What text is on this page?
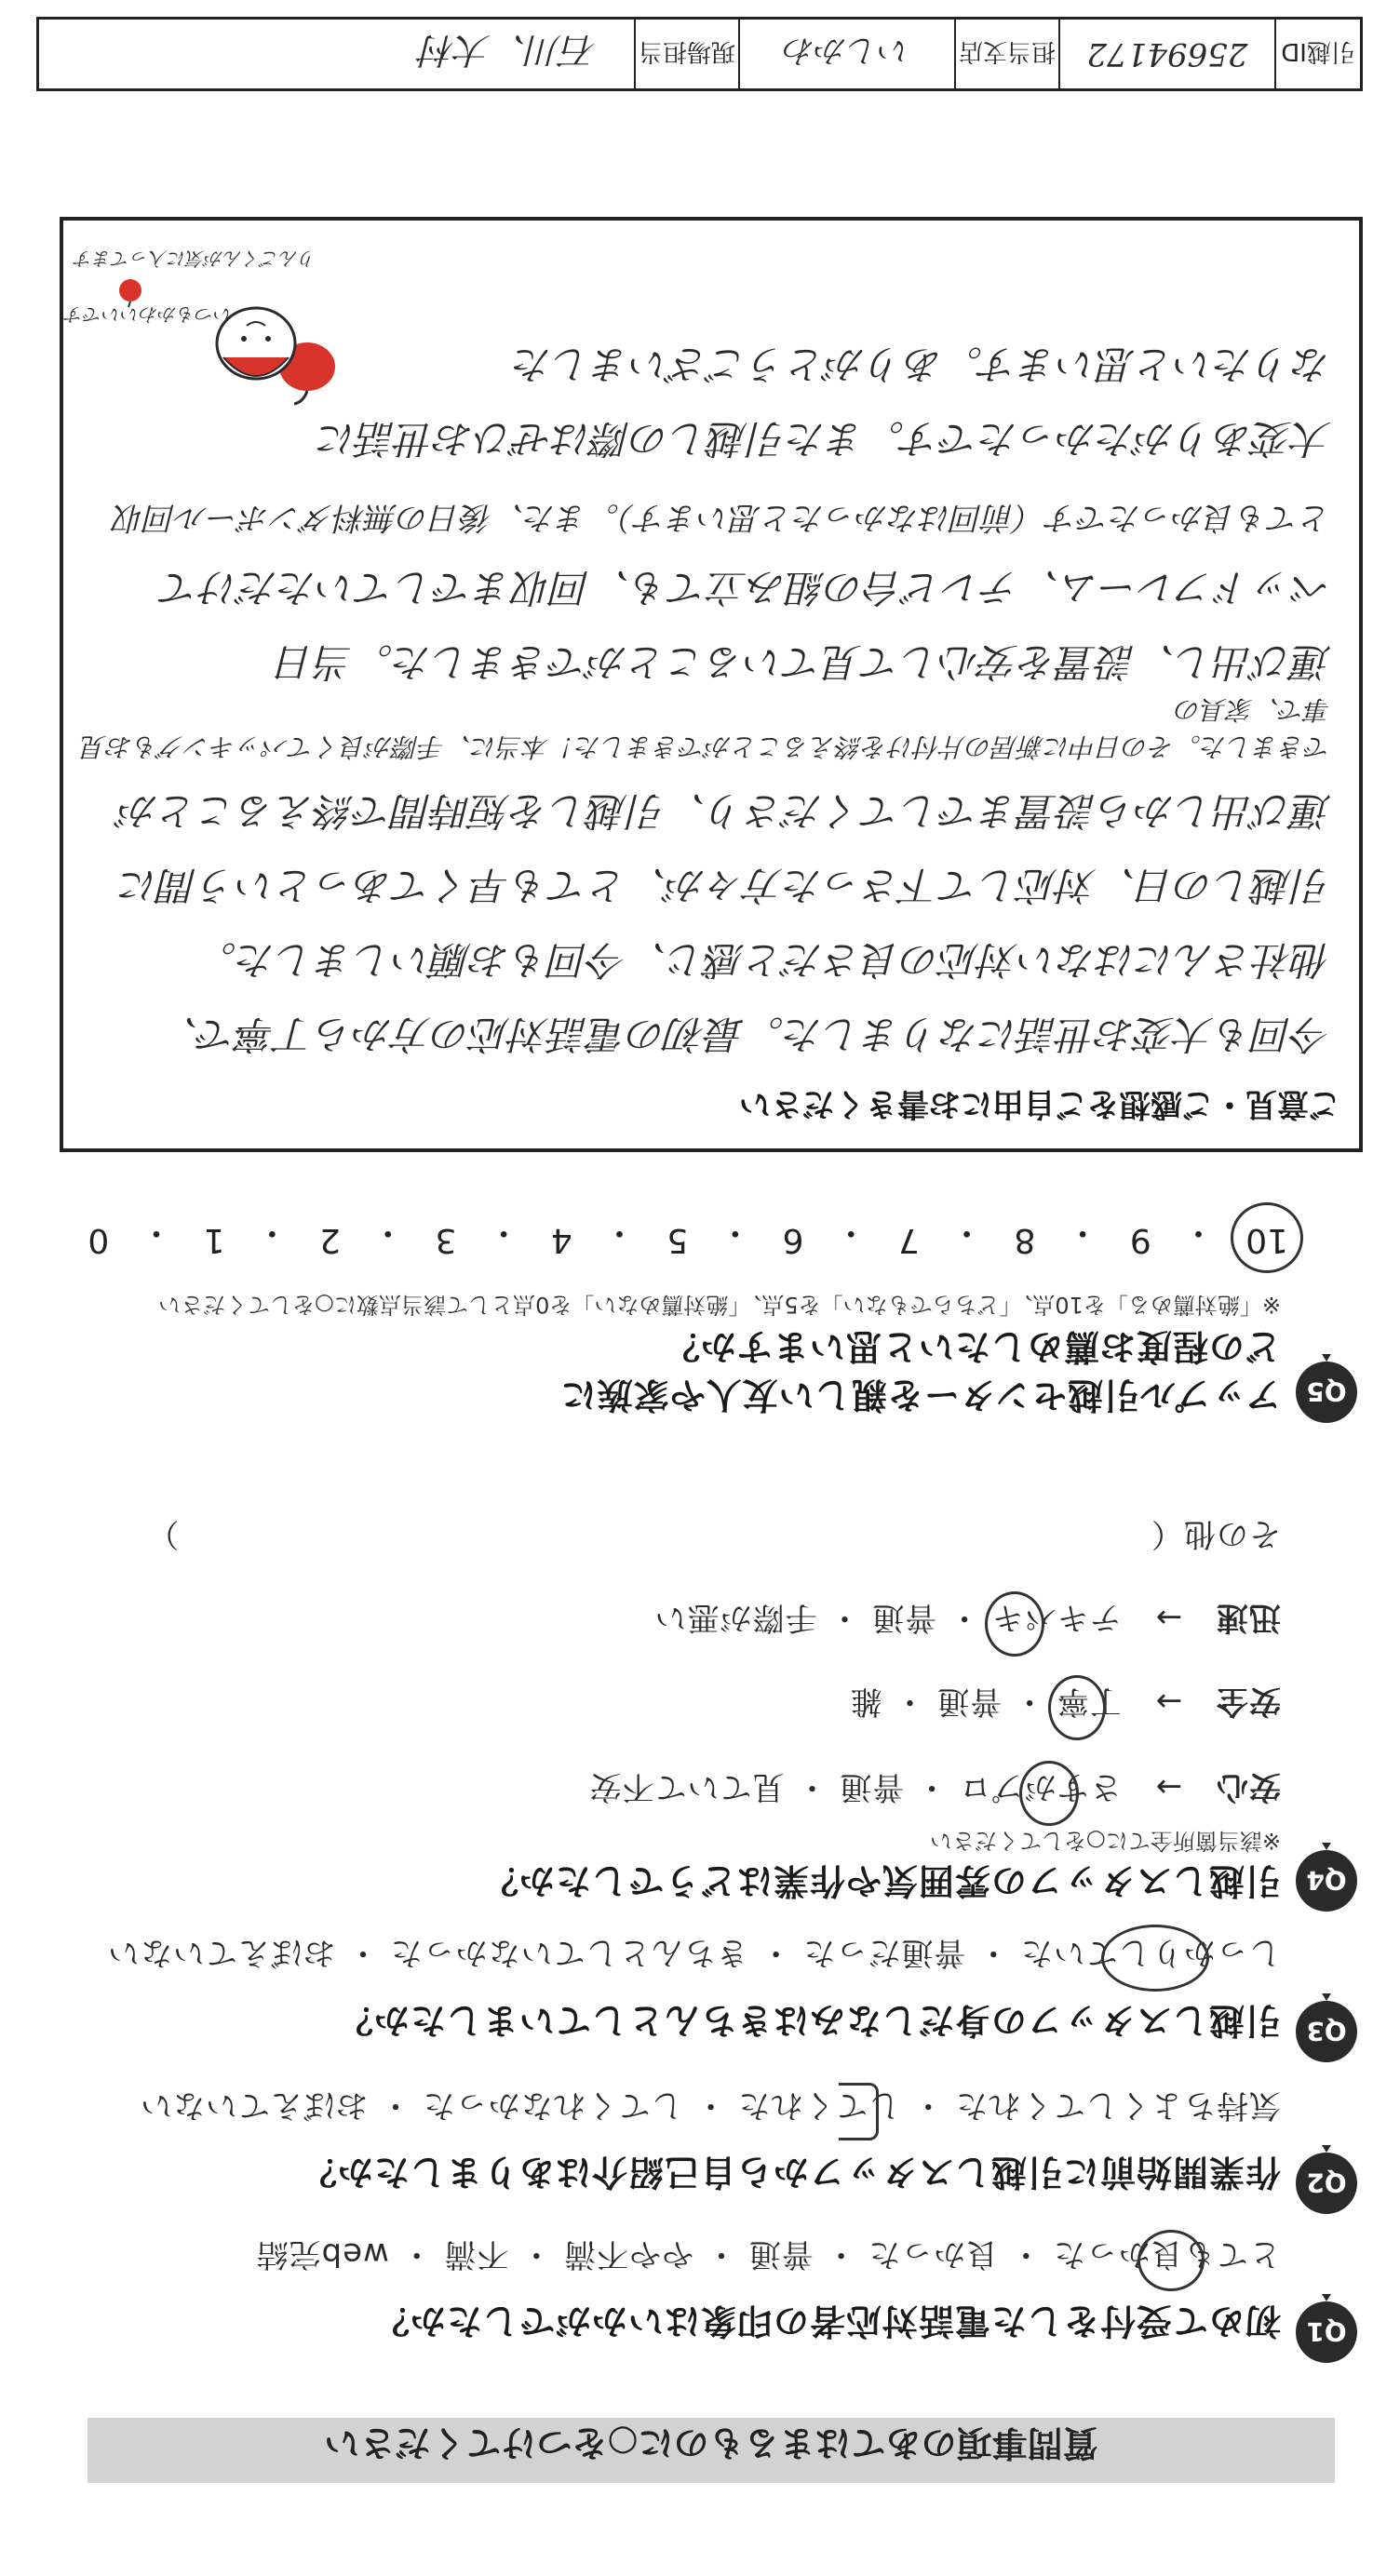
質問事項のあてはまるものに○をつけてください
Q1
初めて受付をした電話対応者の印象はいかがでしたか？
とても良かった ・ 良かった ・ 普通 ・ やや不満 ・ 不満 ・ web完結
Q2
作業開始前に引越しスタッフから自己紹介はありましたか？
気持ちよくしてくれた ・ してくれた ・ してくれなかった ・ おぼえていない
Q3
引越しスタッフの身だしなみはきちんとしていましたか？
しっかりしていた ・ 普通だった ・ きちんとしていなかった ・ おぼえていない
Q4
引越しスタッフの雰囲気や作業はどうでしたか？
※該当箇所全てに○をしてください
安心 → さすがプロ ・ 普通 ・ 見ていて不安
安全 → 丁寧 ・ 普通 ・ 雑
迅速 → テキパキ ・ 普通 ・ 手際が悪い
その他（  ）
Q5
アップル引越センターを親しい友人や家族に
どの程度お薦めしたいと思いますか？
※「絶対薦める」を10点、「どちらでもない」を5点、「絶対薦めない」を0点として該当点数に○をしてください
10
・
9
・
8
・
7
・
6
・
5
・
4
・
3
・
2
・
1
・
0
ご意見・ご感想をご自由にお書きください
今回も大変お世話になりました。最初の電話対応の方から丁寧で、
他社さんにはない対応の良さだと感じ、今回もお願いしました。
引越しの日、対応して下さった方々が、とても早くてあっという間に
運び出しから設置までしてくださり、引越しを短時間で終えることが
できました。その日中に新居の片付けを終えることができました！本当に、手際が良くてパッキングもお見事で、家具の
運び出し、設置を安心して見ていることができました。当日
ベッドフレーム、テレビ台の組み立ても、回収までしていただけて
とても良かったです（前回はなかったと思います）。また、後日の無料ダンボール回収
大変ありがたかったです。また引越しの際はぜひお世話に
なりたいと思います。ありがとうございました
いつもかわいいです
りんごくんが気に入ってます
引越ID
25694172
担当支店
いしかわ
現場担当
石川、大村
